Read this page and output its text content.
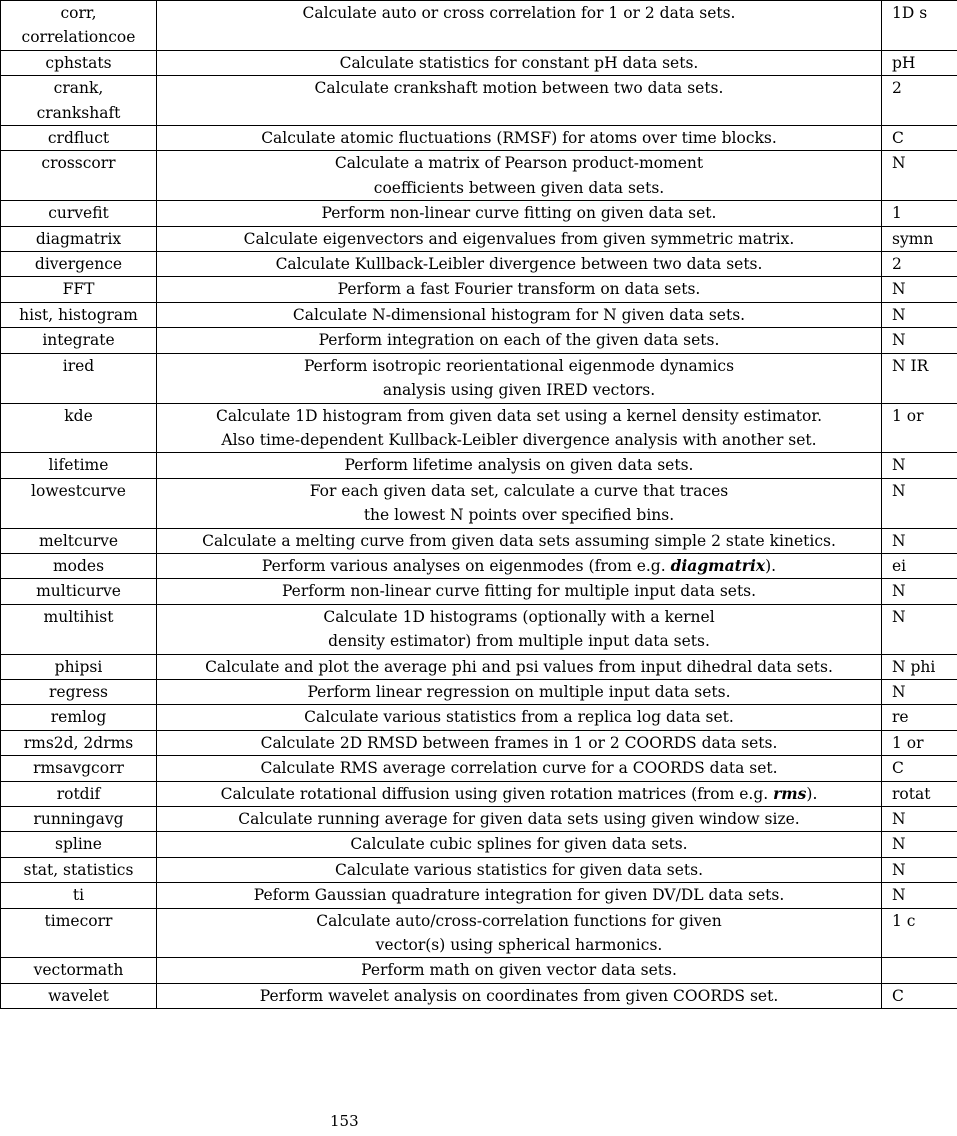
corr,
correlationcoe	Calculate auto or cross correlation for 1 or 2 data sets.	1D s

cphstats	Calculate statistics for constant pH data sets.	pH

crank,
crankshaft	Calculate crankshaft motion between two data sets.	2

crdfluct	Calculate atomic fluctuations (RMSF) for atoms over time blocks.	C

crosscorr	Calculate a matrix of Pearson product-moment
coefficients between given data sets.	N

curvefit	Perform non-linear curve fitting on given data set.	1

diagmatrix	Calculate eigenvectors and eigenvalues from given symmetric matrix.	symn

divergence	Calculate Kullback-Leibler divergence between two data sets.	2

FFT	Perform a fast Fourier transform on data sets.	N

hist, histogram	Calculate N-dimensional histogram for N given data sets.	N

integrate	Perform integration on each of the given data sets.	N

ired	Perform isotropic reorientational eigenmode dynamics
analysis using given IRED vectors.	N IR

kde	Calculate 1D histogram from given data set using a kernel density estimator.
Also time-dependent Kullback-Leibler divergence analysis with another set.	1 or

lifetime	Perform lifetime analysis on given data sets.	N

lowestcurve	For each given data set, calculate a curve that traces
the lowest N points over specified bins.	N

meltcurve	Calculate a melting curve from given data sets assuming simple 2 state kinetics.	N

modes	Perform various analyses on eigenmodes (from e.g. diagmatrix).	ei

multicurve	Perform non-linear curve fitting for multiple input data sets.	N

multihist	Calculate 1D histograms (optionally with a kernel
density estimator) from multiple input data sets.	N

phipsi	Calculate and plot the average phi and psi values from input dihedral data sets.	N phi

regress	Perform linear regression on multiple input data sets.	N

remlog	Calculate various statistics from a replica log data set.	re

rms2d, 2drms	Calculate 2D RMSD between frames in 1 or 2 COORDS data sets.	1 or

rmsavgcorr	Calculate RMS average correlation curve for a COORDS data set.	C

rotdif	Calculate rotational diffusion using given rotation matrices (from e.g. rms).	rotat

runningavg	Calculate running average for given data sets using given window size.	N

spline	Calculate cubic splines for given data sets.	N

stat, statistics	Calculate various statistics for given data sets.	N

ti	Peform Gaussian quadrature integration for given DV/DL data sets.	N

timecorr	Calculate auto/cross-correlation functions for given
vector(s) using spherical harmonics.	1 c

vectormath	Perform math on given vector data sets.	

wavelet	Perform wavelet analysis on coordinates from given COORDS set.	C
153
